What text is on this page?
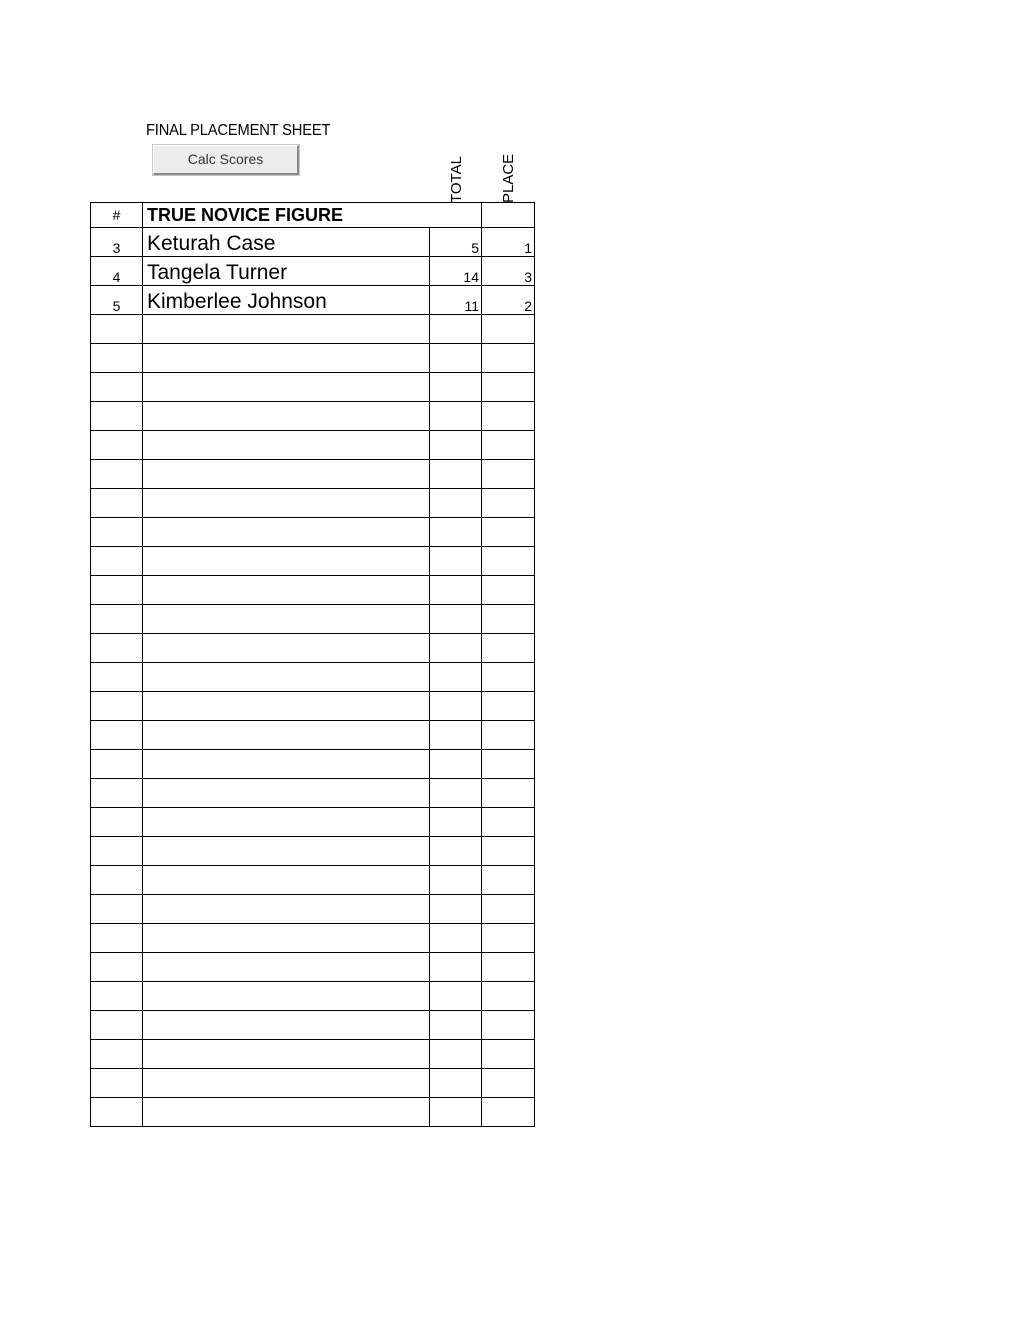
FINAL PLACEMENT SHEET
Calc Scores	TOTAL PLACE
#	TRUE NOVICE FIGURE		
3	Keturah Case	5	1
4	Tangela Turner	14	3
5	Kimberlee Johnson	11	2
